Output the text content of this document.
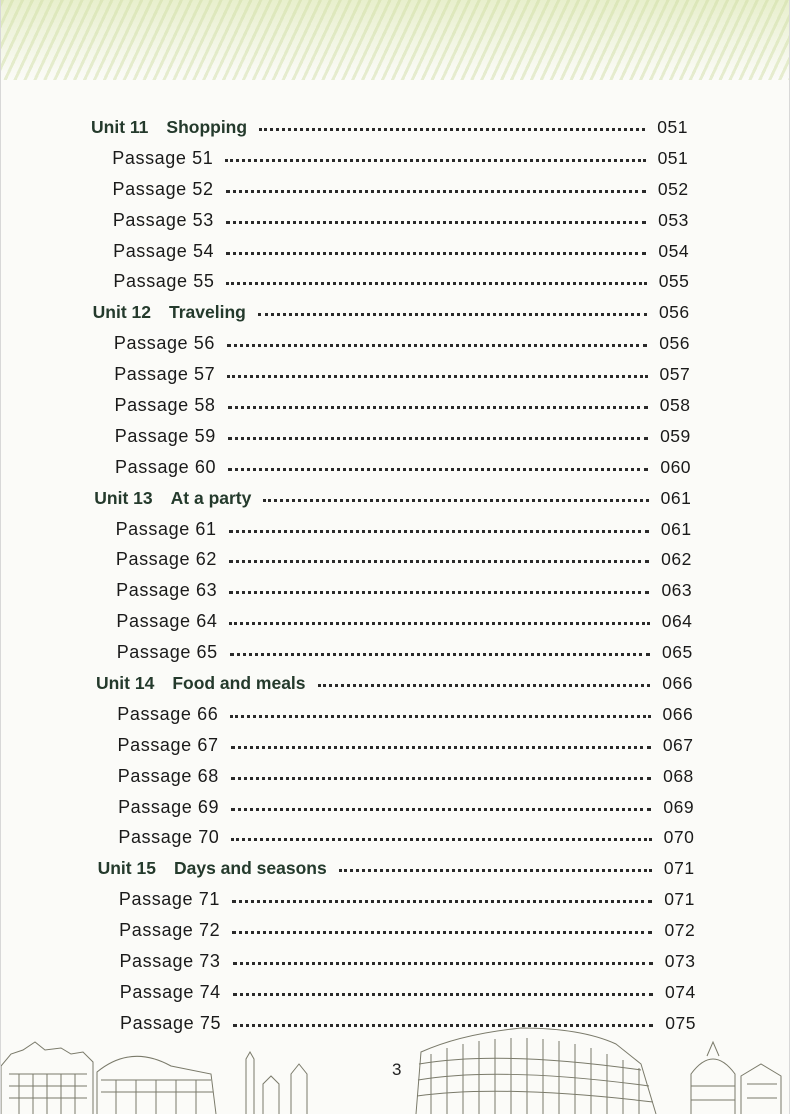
Unit 11 Shopping	051
Passage 51	051
Passage 52	052
Passage 53	053
Passage 54	054
Passage 55	055
Unit 12 Traveling	056
Passage 56	056
Passage 57	057
Passage 58	058
Passage 59	059
Passage 60	060
Unit 13 At a party	061
Passage 61	061
Passage 62	062
Passage 63	063
Passage 64	064
Passage 65	065
Unit 14 Food and meals	066
Passage 66	066
Passage 67	067
Passage 68	068
Passage 69	069
Passage 70	070
Unit 15 Days and seasons	071
Passage 71	071
Passage 72	072
Passage 73	073
Passage 74	074
Passage 75	075
3
